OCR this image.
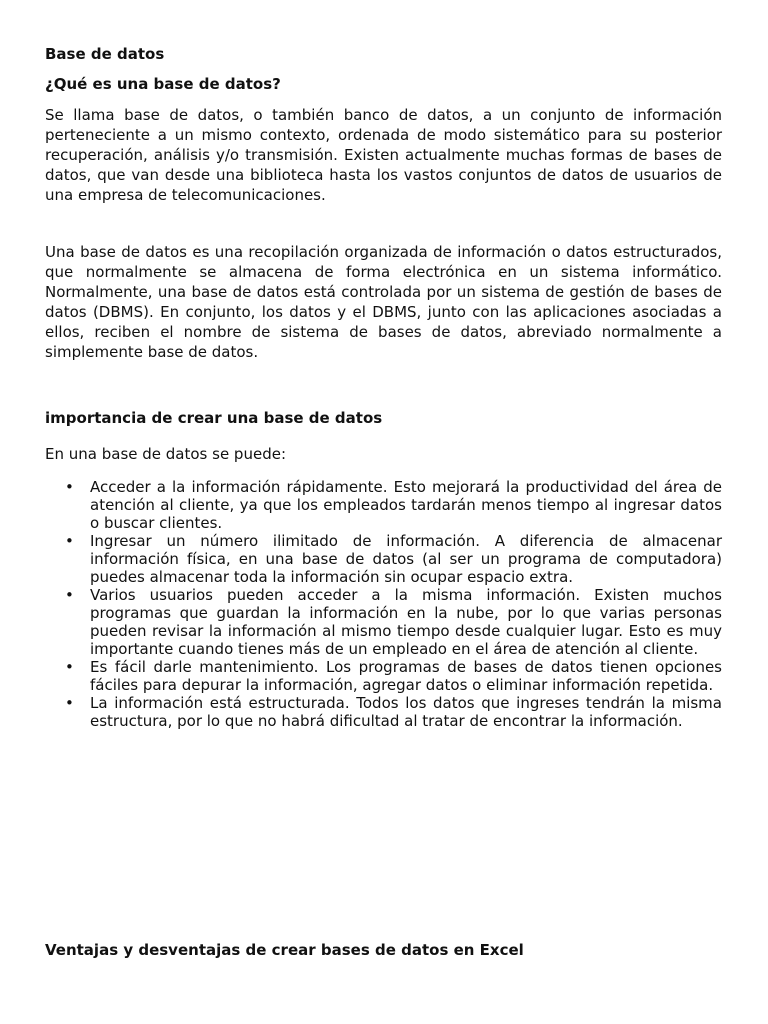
Base de datos
¿Qué es una base de datos?

Se llama base de datos, o también banco de datos, a un conjunto de información perteneciente a un mismo contexto, ordenada de modo sistemático para su posterior recuperación, análisis y/o transmisión. Existen actualmente muchas formas de bases de datos, que van desde una biblioteca hasta los vastos conjuntos de datos de usuarios de una empresa de telecomunicaciones.

Una base de datos es una recopilación organizada de información o datos estructurados, que normalmente se almacena de forma electrónica en un sistema informático. Normalmente, una base de datos está controlada por un sistema de gestión de bases de datos (DBMS). En conjunto, los datos y el DBMS, junto con las aplicaciones asociadas a ellos, reciben el nombre de sistema de bases de datos, abreviado normalmente a simplemente base de datos.

importancia de crear una base de datos

En una base de datos se puede:

• Acceder a la información rápidamente. Esto mejorará la productividad del área de atención al cliente, ya que los empleados tardarán menos tiempo al ingresar datos o buscar clientes.
• Ingresar un número ilimitado de información. A diferencia de almacenar información física, en una base de datos (al ser un programa de computadora) puedes almacenar toda la información sin ocupar espacio extra.
• Varios usuarios pueden acceder a la misma información. Existen muchos programas que guardan la información en la nube, por lo que varias personas pueden revisar la información al mismo tiempo desde cualquier lugar. Esto es muy importante cuando tienes más de un empleado en el área de atención al cliente.
• Es fácil darle mantenimiento. Los programas de bases de datos tienen opciones fáciles para depurar la información, agregar datos o eliminar información repetida.
• La información está estructurada. Todos los datos que ingreses tendrán la misma estructura, por lo que no habrá dificultad al tratar de encontrar la información.
Ventajas y desventajas de crear bases de datos en Excel
